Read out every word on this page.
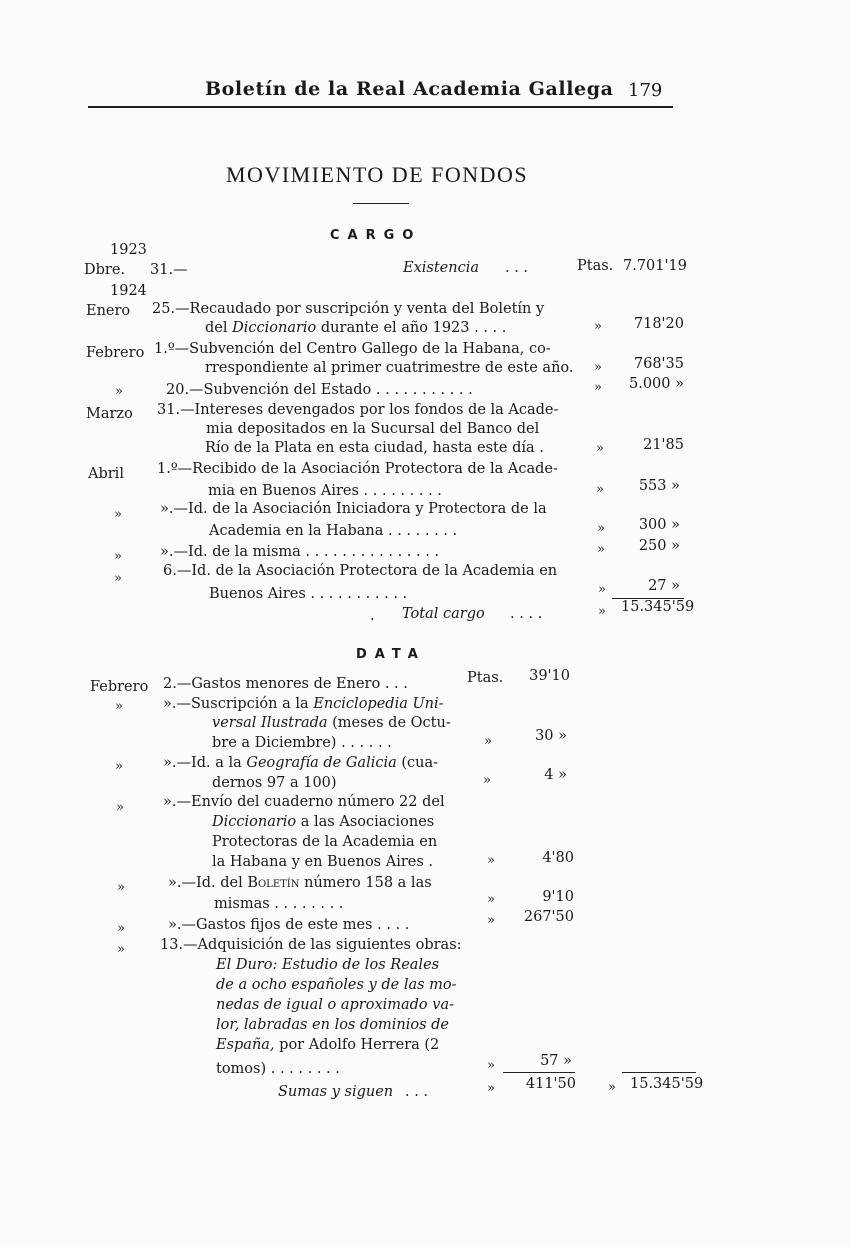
Boletín de la Real Academia Gallega 179
MOVIMIENTO DE FONDOS
CARGO
1923
Dbre. 31.—	Existencia . . .	Ptas. 7.701'19
1924
Enero 25.—Recaudado por suscripción y venta del Boletín y
del Diccionario durante el año 1923 . . . .	»	718'20
Febrero 1.º—Subvención del Centro Gallego de la Habana, co-
rrespondiente al primer cuatrimestre de este año. »	768'35
»	20.—Subvención del Estado . . . . . . . . . . .	»	5.000 »
Marzo 31.—Intereses devengados por los fondos de la Acade-
mia depositados en la Sucursal del Banco del
Río de la Plata en esta ciudad, hasta este día .	»	21'85
Abril 1.º—Recibido de la Asociación Protectora de la Acade-
mia en Buenos Aires . . . . . . . . .	»	553 »
»	».—Id. de la Asociación Iniciadora y Protectora de la
Academia en la Habana . . . . . . . .	»	300 »
»	».—Id. de la misma . . . . . . . . . . . . . . .	»	250 »
»	6.—Id. de la Asociación Protectora de la Academia en
Buenos Aires . . . . . . . . . . .	»	27 »
. Total cargo . . . .	» 15.345'59
DATA
Febrero 2.—Gastos menores de Enero . . .	Ptas.	39'10
»	».—Suscripción a la Enciclopedia Uni-
versal Ilustrada (meses de Octu-
bre a Diciembre) . . . . . .	»	30 »
»	».—Id. a la Geografía de Galicia (cua-
dernos 97 a 100)	»	4 »
»	».—Envío del cuaderno número 22 del
Diccionario a las Asociaciones
Protectoras de la Academia en
la Habana y en Buenos Aires .	»	4'80
»	».—Id. del Boletín número 158 a las
mismas . . . . . . . .	»	9'10
»	».—Gastos fijos de este mes . . . .	»	267'50
» 13.—Adquisición de las siguientes obras:
El Duro: Estudio de los Reales
de a ocho españoles y de las mo-
nedas de igual o aproximado va-
lor, labradas en los dominios de
España, por Adolfo Herrera (2
tomos) . . . . . . . .	»	57 »
Sumas y siguen . . .	»	411'50 » 15.345'59
